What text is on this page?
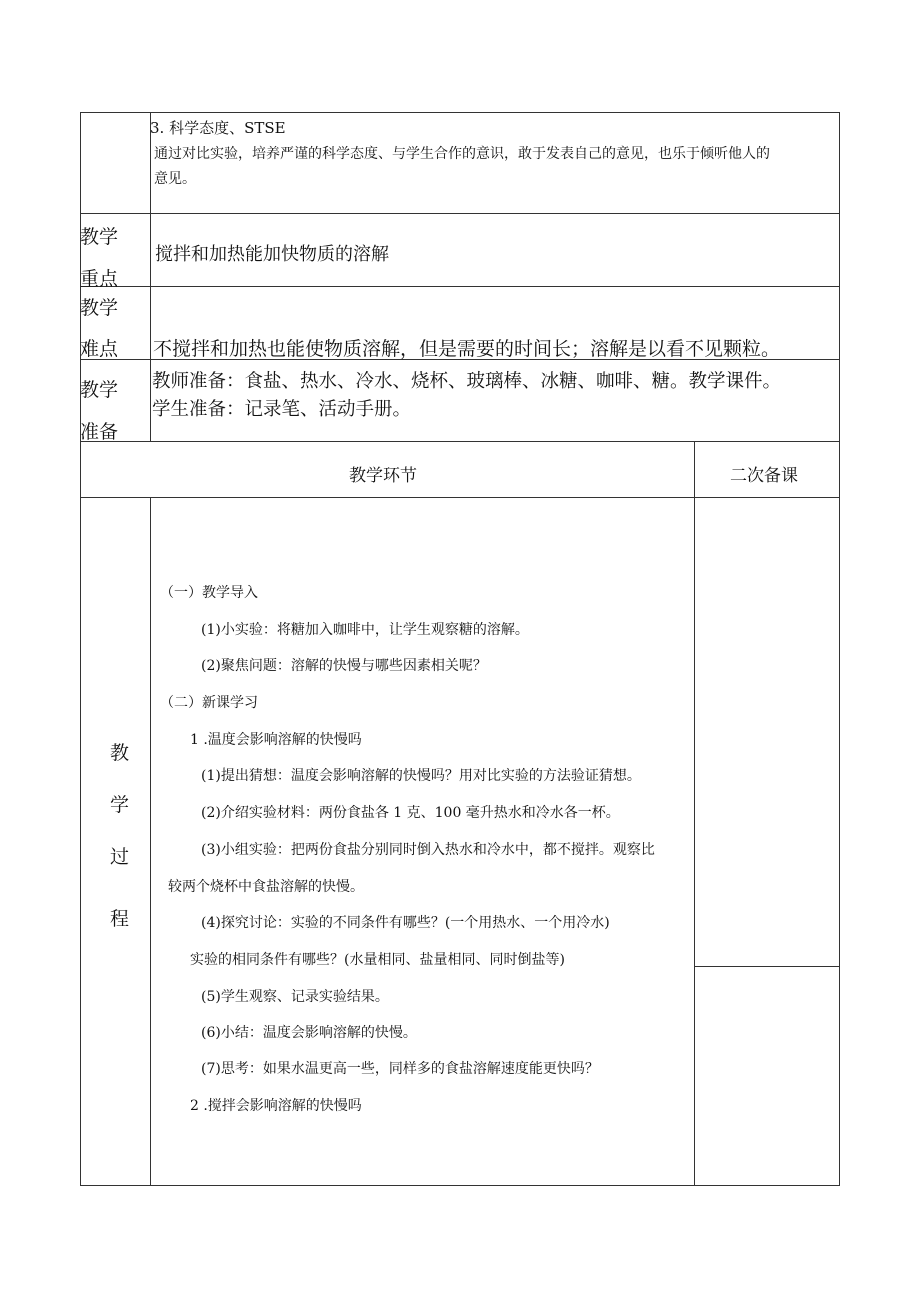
3. 科学态度、STSE
通过对比实验，培养严谨的科学态度、与学生合作的意识，敢于发表自己的意见，也乐于倾听他人的
意见。
教学
重点
搅拌和加热能加快物质的溶解
教学
难点 不搅拌和加热也能使物质溶解，但是需要的时间长；溶解是以看不见颗粒。
教学
准备
教师准备：食盐、热水、冷水、烧杯、玻璃棒、冰糖、咖啡、糖。教学课件。
学生准备：记录笔、活动手册。
教学环节	二次备课
教
学
过
程
（一）教学导入
(1)小实验：将糖加入咖啡中，让学生观察糖的溶解。
(2)聚焦问题：溶解的快慢与哪些因素相关呢？
（二）新课学习
1 .温度会影响溶解的快慢吗
(1)提出猜想：温度会影响溶解的快慢吗？用对比实验的方法验证猜想。
(2)介绍实验材料：两份食盐各 1 克、100 毫升热水和冷水各一杯。
(3)小组实验：把两份食盐分别同时倒入热水和冷水中，都不搅拌。观察比
较两个烧杯中食盐溶解的快慢。
(4)探究讨论：实验的不同条件有哪些？(一个用热水、一个用冷水)
实验的相同条件有哪些？(水量相同、盐量相同、同时倒盐等)
(5)学生观察、记录实验结果。
(6)小结：温度会影响溶解的快慢。
(7)思考：如果水温更高一些，同样多的食盐溶解速度能更快吗？
2 .搅拌会影响溶解的快慢吗
